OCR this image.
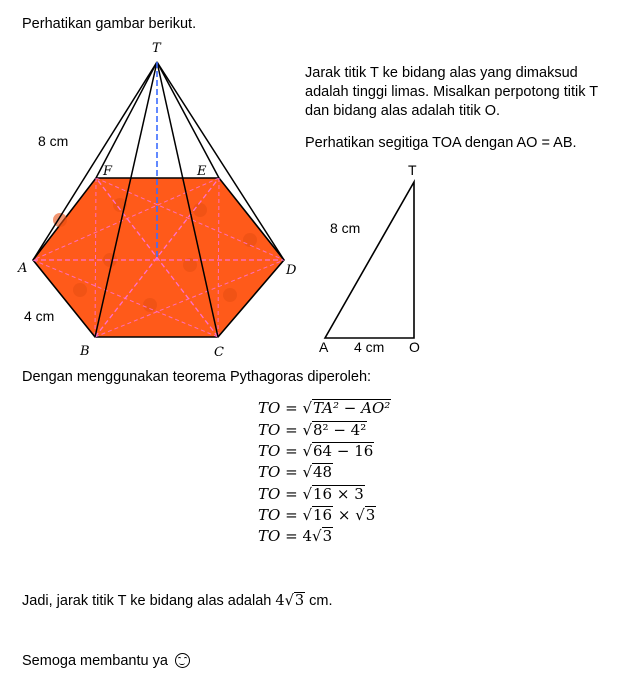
Perhatikan gambar berikut.
T
A
B	C
D
E
F
8 cm
4 cm
Jarak titik T ke bidang alas yang dimaksud
adalah tinggi limas. Misalkan perpotong titik T
dan bidang alas adalah titik O.
Perhatikan segitiga TOA dengan AO = AB.
T
A	O
8 cm
4 cm
Dengan menggunakan teorema Pythagoras diperoleh:
TO = √TA² − AO²
TO = √8² − 4²
TO = √64 − 16
TO = √48
TO = √16 × 3
TO = √16 × √3
TO = 4√3
Jadi, jarak titik T ke bidang alas adalah 4√3 cm.
Semoga membantu ya
